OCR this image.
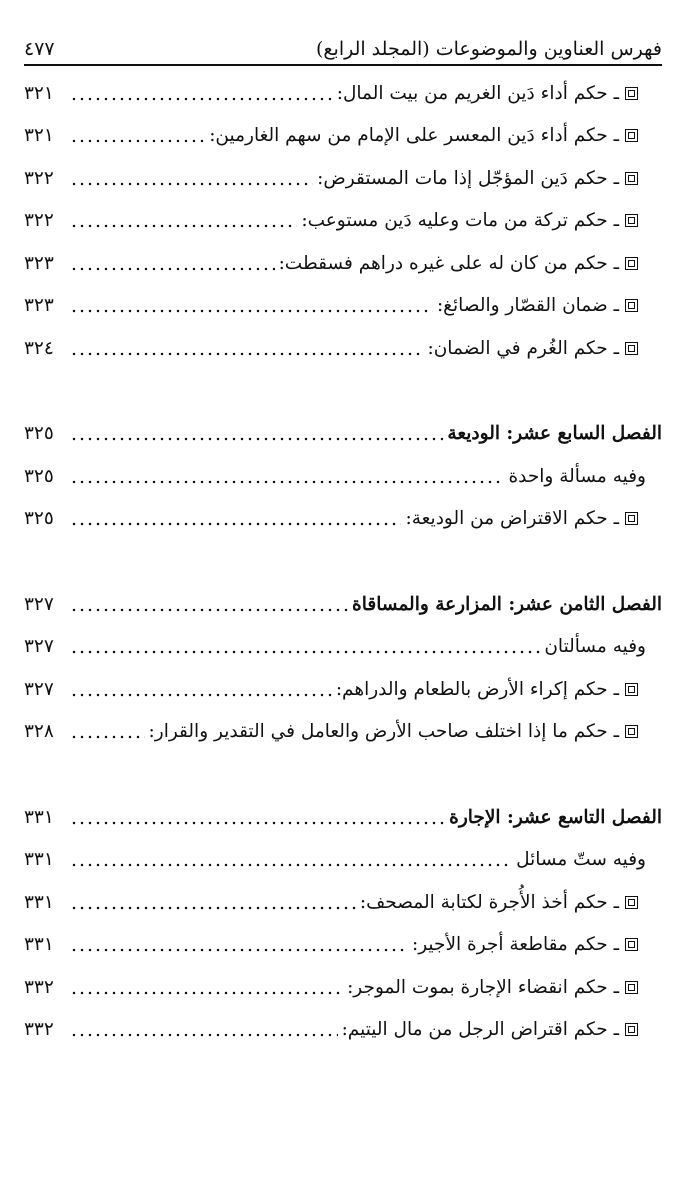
فهرس العناوين والموضوعات (المجلد الرابع)
٤٧٧
ـ حكم أداء دَين الغريم من بيت المال:
٣٢١
ـ حكم أداء دَين المعسر على الإمام من سهم الغارمين:
٣٢١
ـ حكم دَين المؤجّل إذا مات المستقرض:
٣٢٢
ـ حكم تركة من مات وعليه دَين مستوعب:
٣٢٢
ـ حكم من كان له على غيره دراهم فسقطت:
٣٢٣
ـ ضمان القصّار والصائغ:
٣٢٣
ـ حكم الغُرم في الضمان:
٣٢٤
الفصل السابع عشر: الوديعة
٣٢٥
وفيه مسألة واحدة
٣٢٥
ـ حكم الاقتراض من الوديعة:
٣٢٥
الفصل الثامن عشر: المزارعة والمساقاة
٣٢٧
وفيه مسألتان
٣٢٧
ـ حكم إكراء الأرض بالطعام والدراهم:
٣٢٧
ـ حكم ما إذا اختلف صاحب الأرض والعامل في التقدير والقرار:
٣٢٨
الفصل التاسع عشر: الإجارة
٣٣١
وفيه ستّ مسائل
٣٣١
ـ حكم أخذ الأُجرة لكتابة المصحف:
٣٣١
ـ حكم مقاطعة أجرة الأجير:
٣٣١
ـ حكم انقضاء الإجارة بموت الموجر:
٣٣٢
ـ حكم اقتراض الرجل من مال اليتيم:
٣٣٢
